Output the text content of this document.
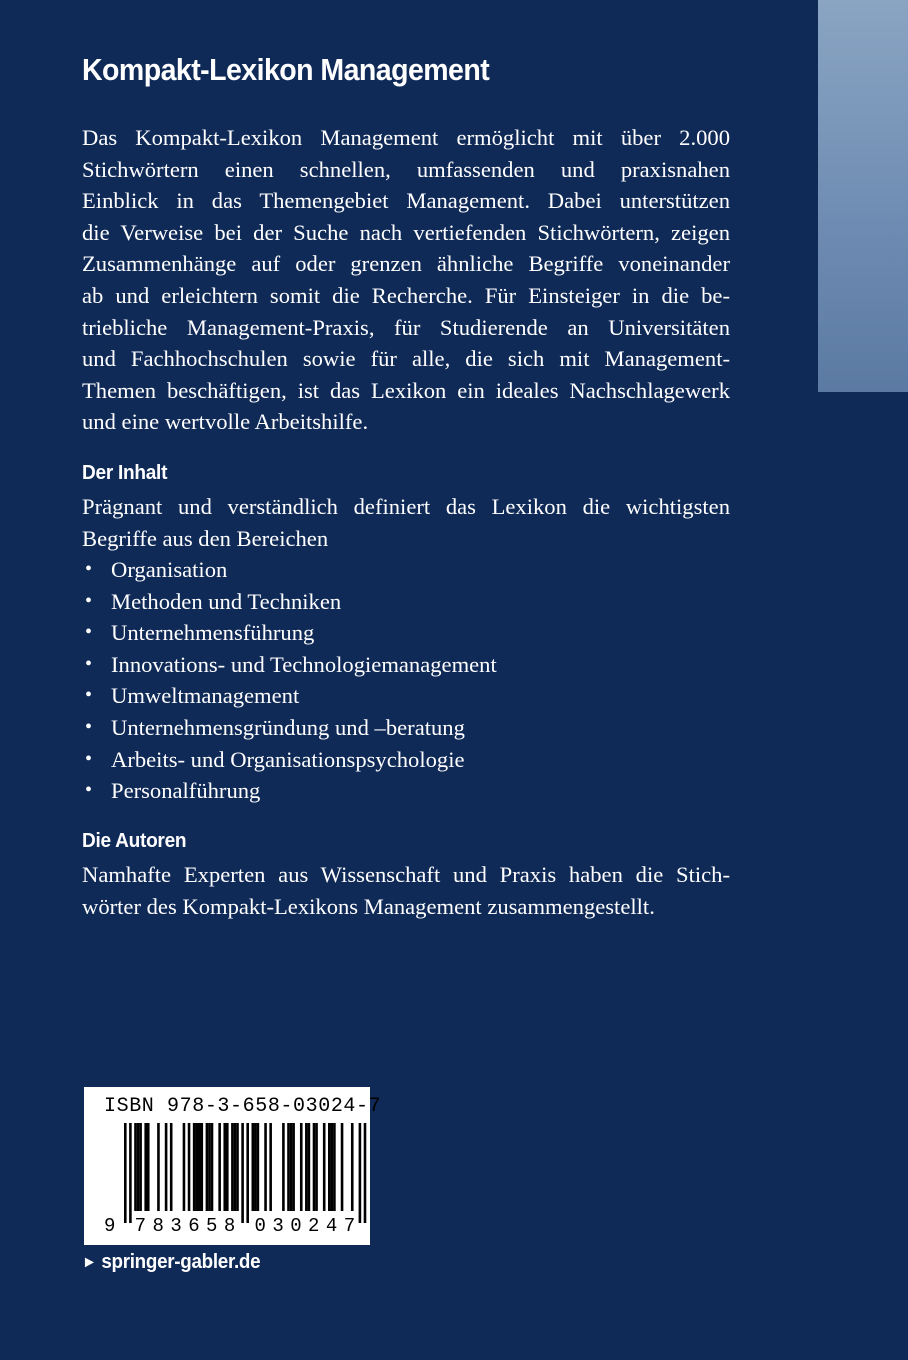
Kompakt-Lexikon Management

Das Kompakt-Lexikon Management ermöglicht mit über 2.000
Stichwörtern einen schnellen, umfassenden und praxisnahen
Einblick in das Themengebiet Management. Dabei unterstützen
die Verweise bei der Suche nach vertiefenden Stichwörtern, zeigen
Zusammenhänge auf oder grenzen ähnliche Begriffe voneinander
ab und erleichtern somit die Recherche. Für Einsteiger in die be-
triebliche Management-Praxis, für Studierende an Universitäten
und Fachhochschulen sowie für alle, die sich mit Management-
Themen beschäftigen, ist das Lexikon ein ideales Nachschlagewerk
und eine wertvolle Arbeitshilfe.

Der Inhalt

Prägnant und verständlich definiert das Lexikon die wichtigsten
Begriffe aus den Bereichen

• Organisation
• Methoden und Techniken
• Unternehmensführung
• Innovations- und Technologiemanagement
• Umweltmanagement
• Unternehmensgründung und –beratung
• Arbeits- und Organisationspsychologie
• Personalführung
Die Autoren

Namhafte Experten aus Wissenschaft und Praxis haben die Stich-
wörter des Kompakt-Lexikons Management zusammengestellt.

ISBN 978-3-658-03024-7
9 7 8 3 6 5 8 0 3 0 2 4 7
► springer-gabler.de
